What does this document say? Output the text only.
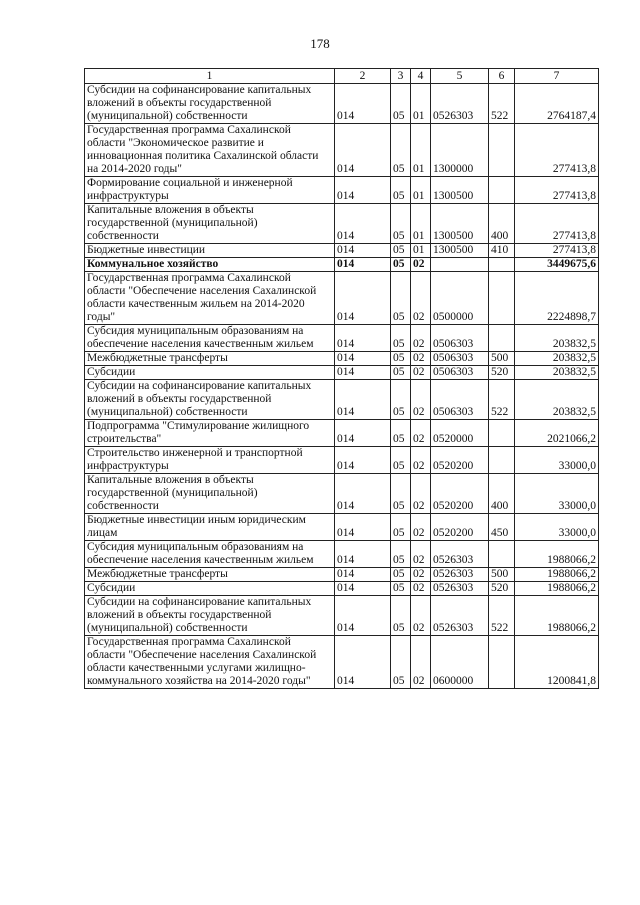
178
1	2	3	4	5	6	7
Субсидии на софинансирование капитальных вложений в объекты государственной (муниципальной) собственности	014	05	01	0526303	522	2764187,4
Государственная программа Сахалинской области "Экономическое развитие и инновационная политика Сахалинской области на 2014-2020 годы"	014	05	01	1300000		277413,8
Формирование социальной и инженерной инфраструктуры	014	05	01	1300500		277413,8
Капитальные вложения в объекты государственной (муниципальной) собственности	014	05	01	1300500	400	277413,8
Бюджетные инвестиции	014	05	01	1300500	410	277413,8
Коммунальное хозяйство	014	05	02			3449675,6
Государственная программа Сахалинской области "Обеспечение населения Сахалинской области качественным жильем на 2014-2020 годы"	014	05	02	0500000		2224898,7
Субсидия муниципальным образованиям на обеспечение населения качественным жильем	014	05	02	0506303		203832,5
Межбюджетные трансферты	014	05	02	0506303	500	203832,5
Субсидии	014	05	02	0506303	520	203832,5
Субсидии на софинансирование капитальных вложений в объекты государственной (муниципальной) собственности	014	05	02	0506303	522	203832,5
Подпрограмма "Стимулирование жилищного строительства"	014	05	02	0520000		2021066,2
Строительство инженерной и транспортной инфраструктуры	014	05	02	0520200		33000,0
Капитальные вложения в объекты государственной (муниципальной) собственности	014	05	02	0520200	400	33000,0
Бюджетные инвестиции иным юридическим лицам	014	05	02	0520200	450	33000,0
Субсидия муниципальным образованиям на обеспечение населения качественным жильем	014	05	02	0526303		1988066,2
Межбюджетные трансферты	014	05	02	0526303	500	1988066,2
Субсидии	014	05	02	0526303	520	1988066,2
Субсидии на софинансирование капитальных вложений в объекты государственной (муниципальной) собственности	014	05	02	0526303	522	1988066,2
Государственная программа Сахалинской области "Обеспечение населения Сахалинской области качественными услугами жилищно-коммунального хозяйства на 2014-2020 годы"	014	05	02	0600000		1200841,8
